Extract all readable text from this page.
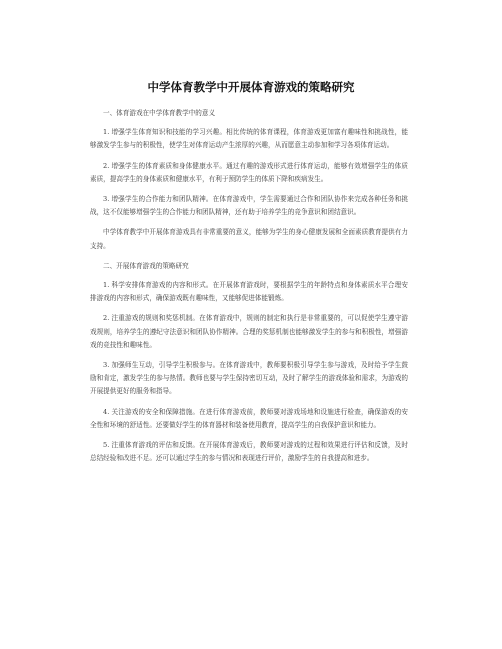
中学体育教学中开展体育游戏的策略研究
一、体育游戏在中学体育教学中的意义

1. 增强学生体育知识和技能的学习兴趣。相比传统的体育课程，体育游戏更加富有趣味性和挑战性，能够激发学生参与的积极性，使学生对体育运动产生浓厚的兴趣，从而愿意主动参加和学习各项体育运动。

2. 增强学生的体育素质和身体健康水平。通过有趣的游戏形式进行体育运动，能够有效增强学生的体质素质，提高学生的身体素质和健康水平，有利于预防学生的体质下降和疾病发生。

3. 增强学生的合作能力和团队精神。在体育游戏中，学生需要通过合作和团队协作来完成各种任务和挑战，这不仅能够增强学生的合作能力和团队精神，还有助于培养学生的竞争意识和团结意识。

中学体育教学中开展体育游戏具有非常重要的意义，能够为学生的身心健康发展和全面素质教育提供有力支持。

二、开展体育游戏的策略研究

1. 科学安排体育游戏的内容和形式。在开展体育游戏时，要根据学生的年龄特点和身体素质水平合理安排游戏的内容和形式，确保游戏既有趣味性，又能够促进体能锻炼。

2. 注重游戏的规则和奖惩机制。在体育游戏中，规则的制定和执行是非常重要的，可以促使学生遵守游戏规则，培养学生的遵纪守法意识和团队协作精神。合理的奖惩机制也能够激发学生的参与和积极性，增强游戏的竞技性和趣味性。

3. 加强师生互动，引导学生积极参与。在体育游戏中，教师要积极引导学生参与游戏，及时给予学生鼓励和肯定，激发学生的参与热情。教师也要与学生保持密切互动，及时了解学生的游戏体验和需求，为游戏的开展提供更好的服务和指导。

4. 关注游戏的安全和保障措施。在进行体育游戏前，教师要对游戏场地和设施进行检查，确保游戏的安全性和环境的舒适性。还要做好学生的体育器材和装备使用教育，提高学生的自我保护意识和能力。

5. 注重体育游戏的评估和反馈。在开展体育游戏后，教师要对游戏的过程和效果进行评估和反馈，及时总结经验和改进不足。还可以通过学生的参与情况和表现进行评价，激励学生的自我提高和进步。
